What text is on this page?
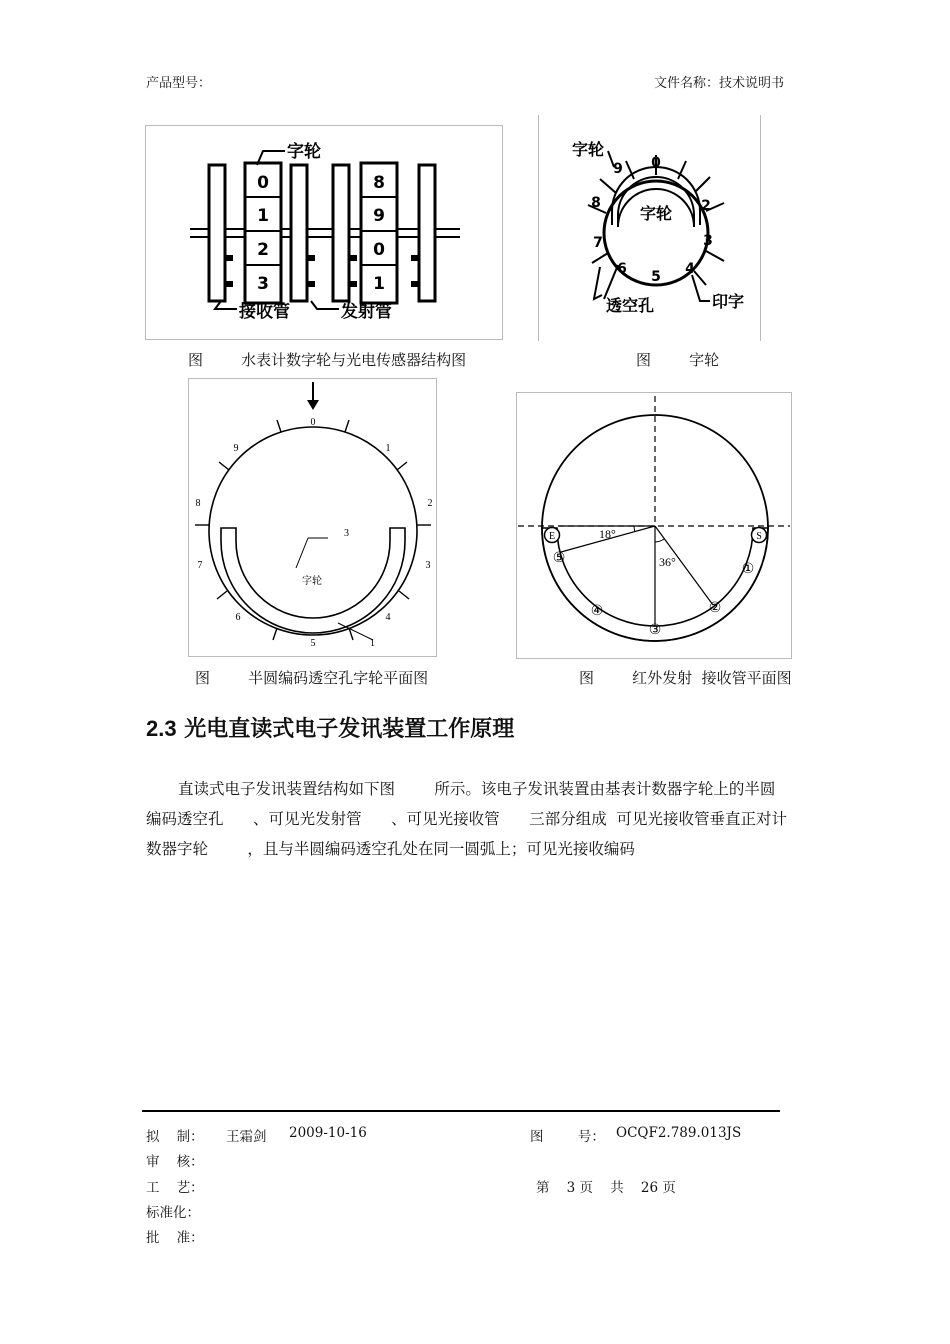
产品型号：	文件名称：技术说明书
0
1
2
3
8
9
0
1
字轮
接收管	发射管
图        水表计数字轮与光电传感器结构图
9 0
2
3
4
5
6
7
8
字轮
字轮
透空孔	印字
图        字轮
0
1
2
3
4
5
6
7
8
9
3
字轮
1
图        半圆编码透空孔字轮平面图
18°
36°
E	S
①
②
③
④
⑤
图        红外发射  接收管平面图
2.3 光电直读式电子发讯装置工作原理
直读式电子发讯装置结构如下图        所示。该电子发讯装置由基表计数器字轮上的半圆
编码透空孔      、可见光发射管      、可见光接收管      三部分组成  可见光接收管垂直正对计
数器字轮        ，且与半圆编码透空孔处在同一圆弧上；可见光接收编码
拟    制： 王霜剑 2009-10-16	图        号： OCQF2.789.013JS
审    核：
工    艺：	第    3 页    共    26 页
标准化：
批    准：
